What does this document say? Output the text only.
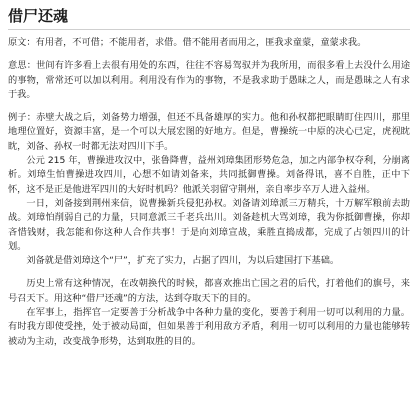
借尸还魂

原文：有用者，不可借；不能用者，求借。借不能用者而用之，匪我求童蒙，童蒙求我。

意思：世间有许多看上去很有用处的东西，往往不容易驾驭并为我所用，而很多看上去没什么用途的事物，常常还可以加以利用。利用没有作为的事物，不是我求助于愚昧之人，而是愚昧之人有求于我。

例子：赤壁大战之后，刘备势力增强，但还不具备雄厚的实力。他和孙权都把眼睛盯住四川，那里地理位置好，资源丰富，是一个可以大展宏图的好地方。但是，曹操统一中原的决心已定，虎视眈眈，刘备、孙权一时都无法对四川下手。

公元 215 年，曹操进攻汉中，张鲁降曹，益州刘璋集团形势危急，加之内部争权夺利，分崩离析。刘璋生怕曹操进攻四川，心想不如请刘备来，共同抵御曹操。刘备得讯，喜不自胜，正中下怀，这不是正是他进军四川的大好时机吗？他派关羽留守荆州，亲自率步卒万人进入益州。

一日，刘备接到荆州来信，说曹操新兵侵犯孙权。刘备请刘璋派三万精兵，十万解军粮前去助战。刘璋怕削弱自己的力量，只同意派三千老兵出川。刘备趁机大骂刘璋，我为你抵御曹操，你却吝惜钱财，我怎能和你这种人合作共事！于是向刘璋宣战，乘胜直捣成都，完成了占领四川的计划。

刘备就是借刘璋这个“尸”，扩充了实力，占据了四川，为以后建国打下基础。

历史上常有这种情况，在改朝换代的时候，都喜欢推出亡国之君的后代，打着他们的旗号，来号召天下。用这种“借尸还魂”的方法，达到夺取天下的目的。

在军事上，指挥官一定要善于分析战争中各种力量的变化，要善于利用一切可以利用的力量。有时我方即使受挫，处于被动局面，但如果善于利用敌方矛盾，利用一切可以利用的力量也能够转被动为主动，改变战争形势，达到取胜的目的。
